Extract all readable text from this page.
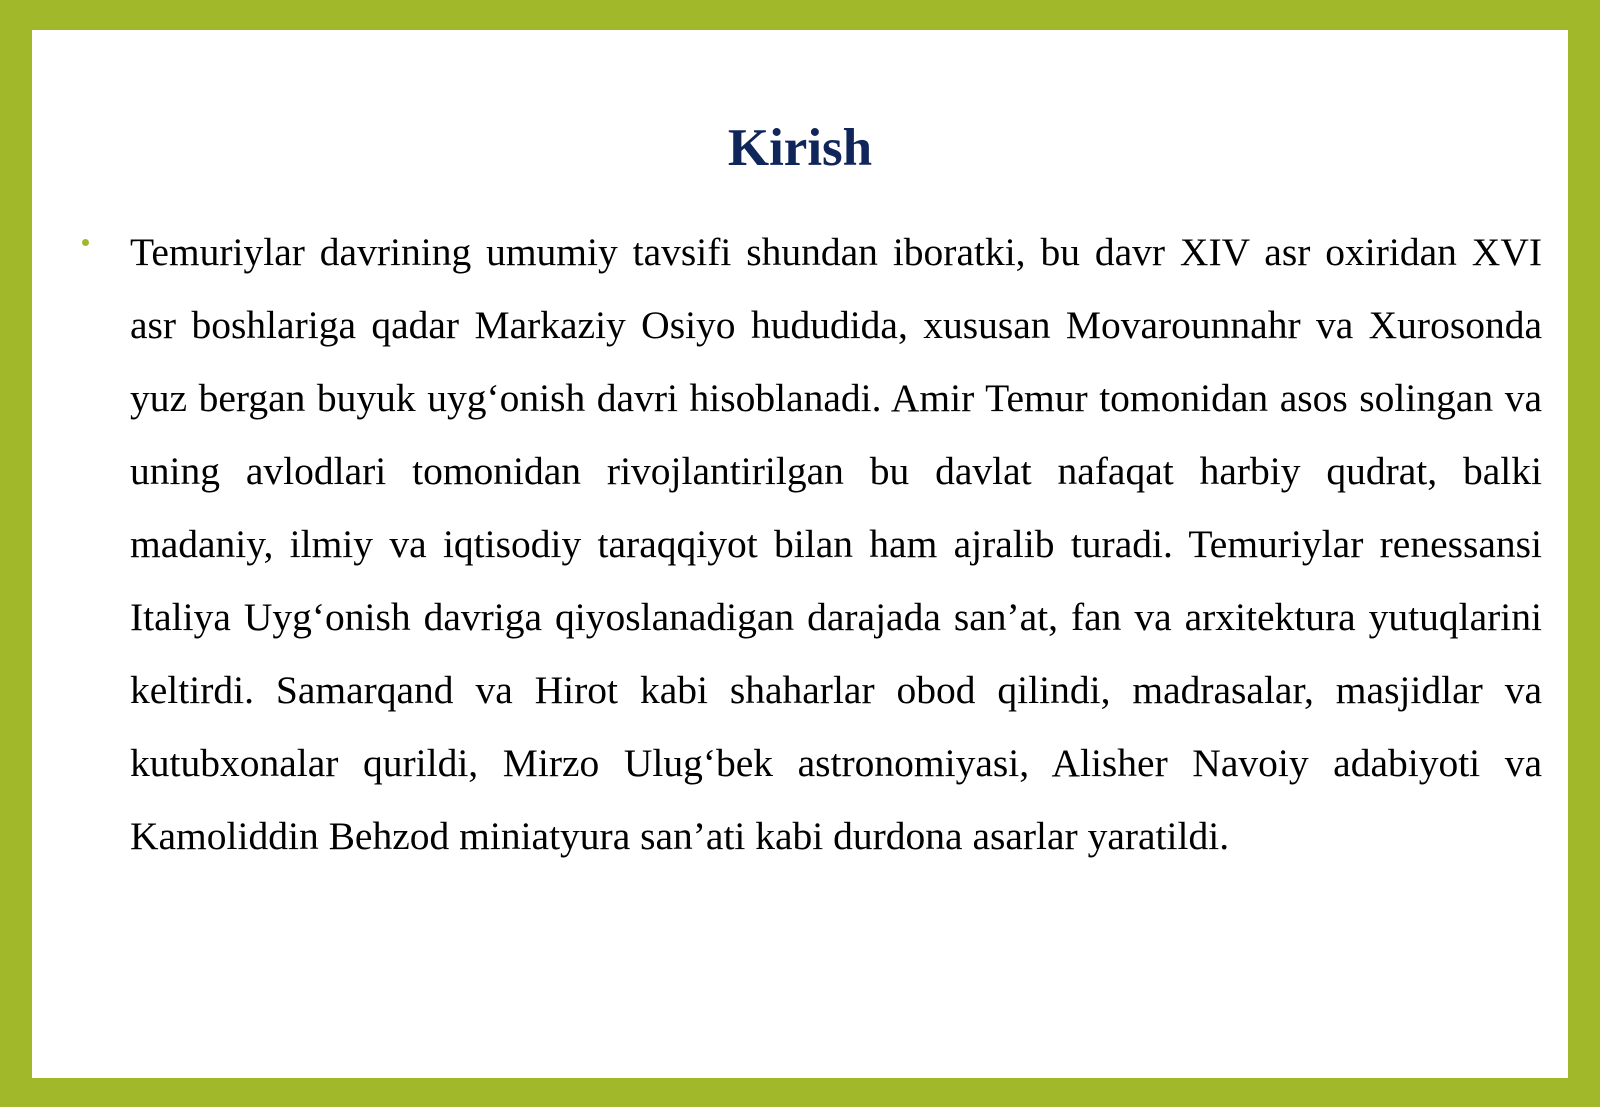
Kirish

Temuriylar davrining umumiy tavsifi shundan iboratki, bu davr XIV asr oxiridan XVI asr boshlariga qadar Markaziy Osiyo hududida, xususan Movarounnahr va Xurosonda yuz bergan buyuk uyg‘onish davri hisoblanadi. Amir Temur tomonidan asos solingan va uning avlodlari tomonidan rivojlantirilgan bu davlat nafaqat harbiy qudrat, balki madaniy, ilmiy va iqtisodiy taraqqiyot bilan ham ajralib turadi. Temuriylar renessansi Italiya Uyg‘onish davriga qiyoslanadigan darajada san’at, fan va arxitektura yutuqlarini keltirdi. Samarqand va Hirot kabi shaharlar obod qilindi, madrasalar, masjidlar va kutubxonalar qurildi, Mirzo Ulug‘bek astronomiyasi, Alisher Navoiy adabiyoti va Kamoliddin Behzod miniatyura san’ati kabi durdona asarlar yaratildi.
